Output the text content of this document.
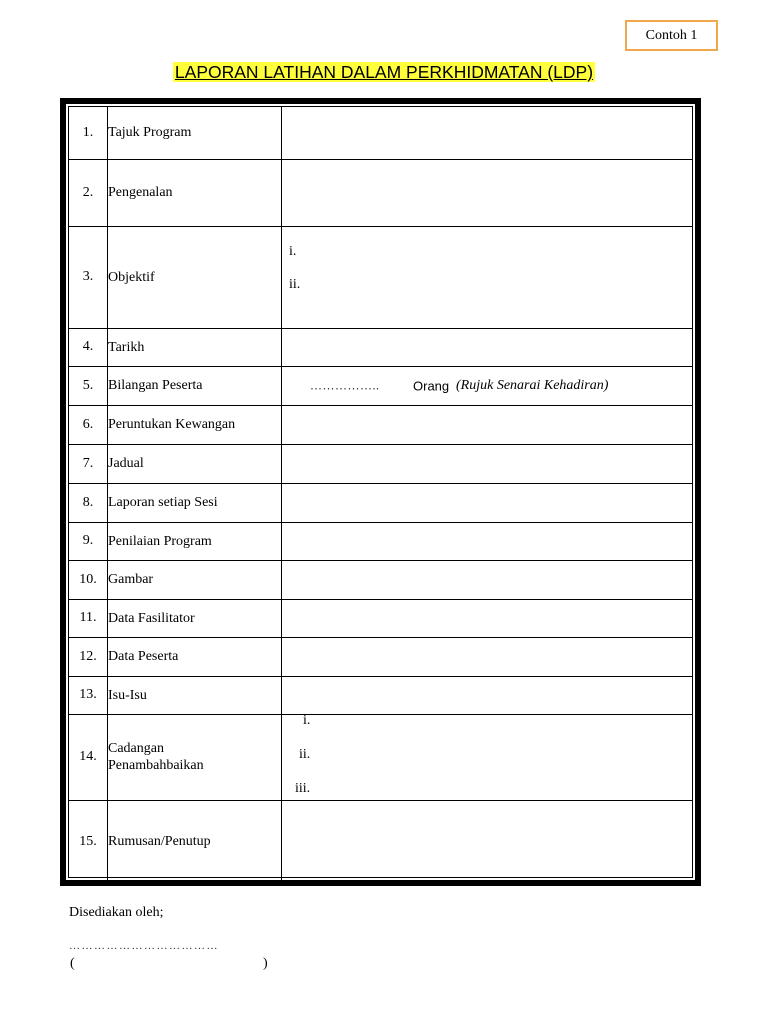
Contoh 1
LAPORAN LATIHAN DALAM PERKHIDMATAN (LDP)
1.	Tajuk Program	
2.	Pengenalan	
3.	Objektif	i.
ii.

4.	Tarikh	
5.	Bilangan Peserta	…………….. Orang (Rujuk Senarai Kehadiran)

6.	Peruntukan Kewangan	
7.	Jadual	
8.	Laporan setiap Sesi	
9.	Penilaian Program	
10.	Gambar	
11.	Data Fasilitator	
12.	Data Peserta	
13.	Isu-Isu	
14.	Cadangan
Penambahbaikan	i.
ii.
iii.

15.	Rumusan/Penutup	
Disediakan oleh;
………………………………
(	)
